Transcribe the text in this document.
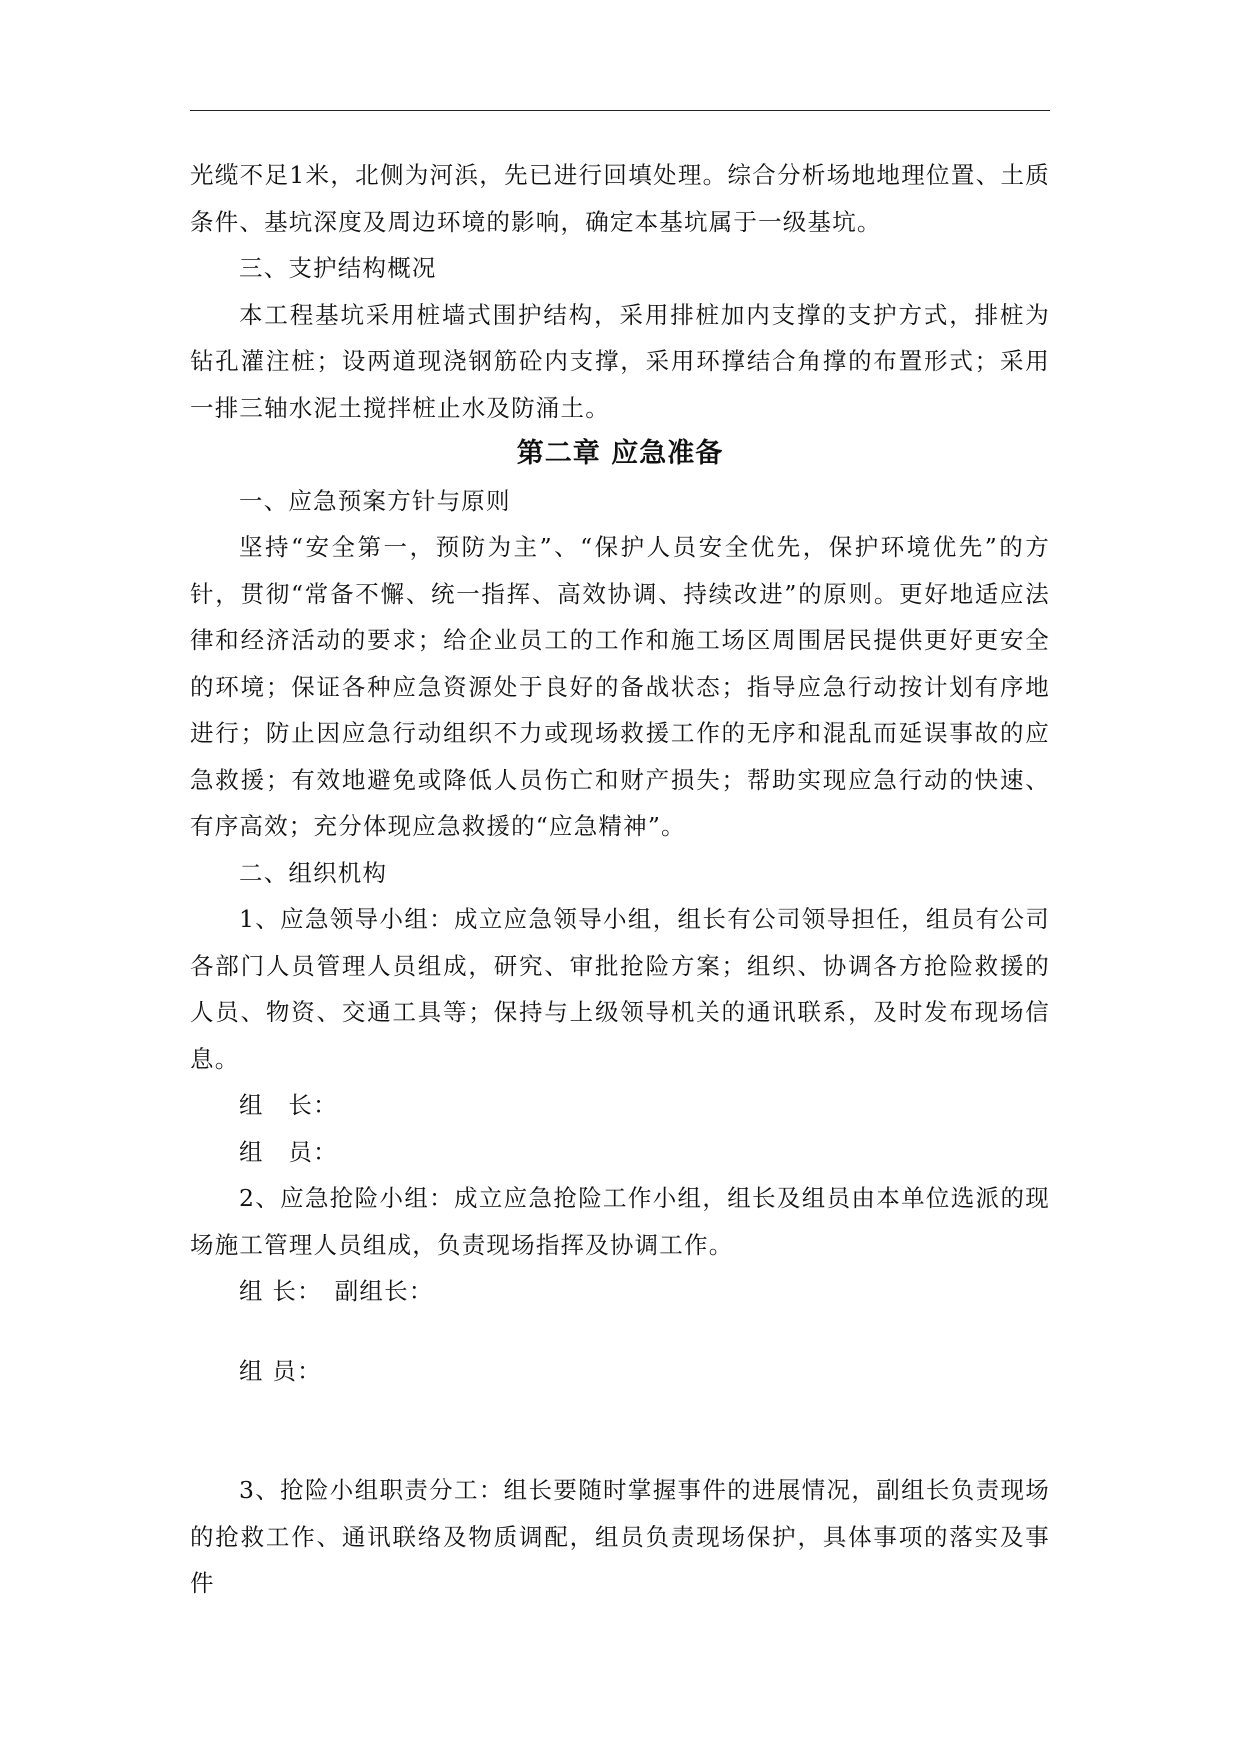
光缆不足1米，北侧为河浜，先已进行回填处理。综合分析场地地理位置、土质条件、基坑深度及周边环境的影响，确定本基坑属于一级基坑。

三、支护结构概况

本工程基坑采用桩墙式围护结构，采用排桩加内支撑的支护方式，排桩为钻孔灌注桩；设两道现浇钢筋砼内支撑，采用环撑结合角撑的布置形式；采用一排三轴水泥土搅拌桩止水及防涌土。

第二章 应急准备

一、应急预案方针与原则

坚持“安全第一，预防为主”、“保护人员安全优先，保护环境优先”的方针，贯彻“常备不懈、统一指挥、高效协调、持续改进”的原则。更好地适应法律和经济活动的要求；给企业员工的工作和施工场区周围居民提供更好更安全的环境；保证各种应急资源处于良好的备战状态；指导应急行动按计划有序地进行；防止因应急行动组织不力或现场救援工作的无序和混乱而延误事故的应急救援；有效地避免或降低人员伤亡和财产损失；帮助实现应急行动的快速、有序高效；充分体现应急救援的“应急精神”。

二、组织机构

1、应急领导小组：成立应急领导小组，组长有公司领导担任，组员有公司各部门人员管理人员组成，研究、审批抢险方案；组织、协调各方抢险救援的人员、物资、交通工具等；保持与上级领导机关的通讯联系，及时发布现场信息。

组　长：

组　员：

2、应急抢险小组：成立应急抢险工作小组，组长及组员由本单位选派的现场施工管理人员组成，负责现场指挥及协调工作。

组 长：　副组长：

组 员：

3、抢险小组职责分工：组长要随时掌握事件的进展情况，副组长负责现场的抢救工作、通讯联络及物质调配，组员负责现场保护，具体事项的落实及事件
